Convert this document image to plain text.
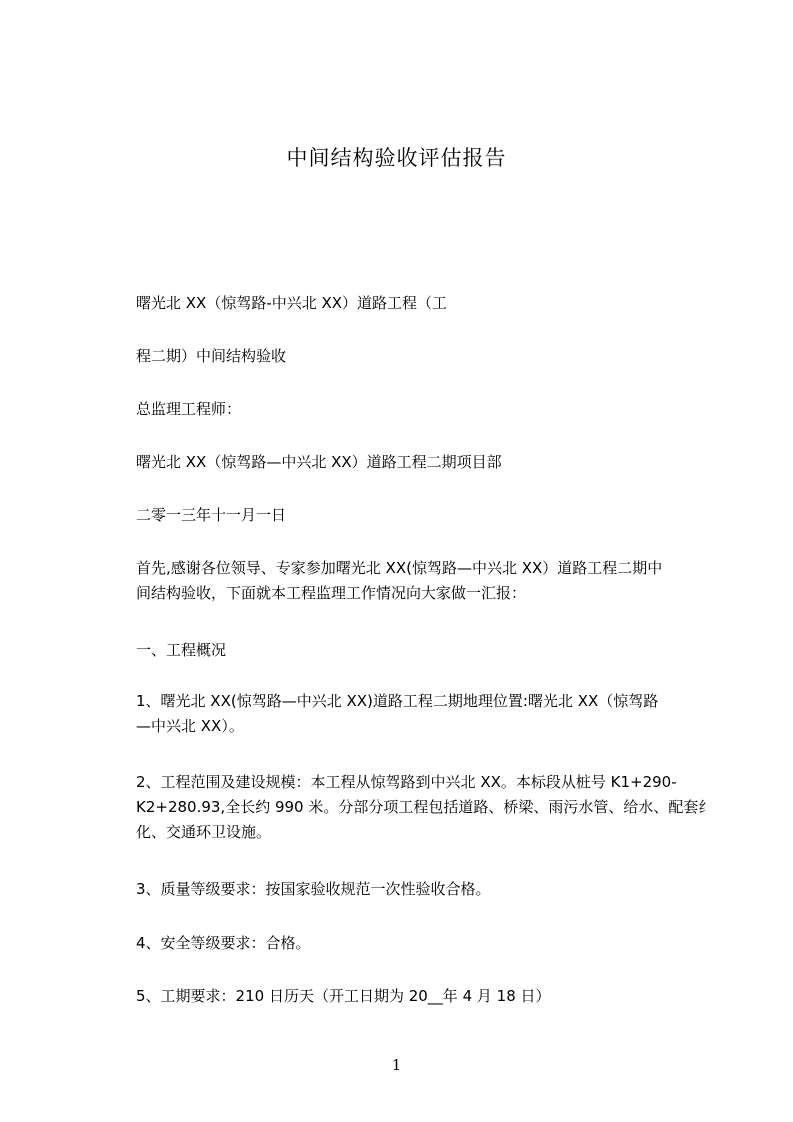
中间结构验收评估报告
曙光北 XX（惊驾路-中兴北 XX）道路工程（工
程二期）中间结构验收
总监理工程师：
曙光北 XX（惊驾路—中兴北 XX）道路工程二期项目部
二零一三年十一月一日
首先,感谢各位领导、专家参加曙光北 XX(惊驾路—中兴北 XX）道路工程二期中
间结构验收，下面就本工程监理工作情况向大家做一汇报：
一、工程概况
1、曙光北 XX(惊驾路—中兴北 XX)道路工程二期地理位置:曙光北 XX（惊驾路
—中兴北 XX）。
2、工程范围及建设规模：本工程从惊驾路到中兴北 XX。本标段从桩号 K1+290-
K2+280.93,全长约 990 米。分部分项工程包括道路、桥梁、雨污水管、给水、配套纟
化、交通环卫设施。
3、质量等级要求：按国家验收规范一次性验收合格。
4、安全等级要求：合格。
5、工期要求：210 日历天（开工日期为 20__年 4 月 18 日）
1
